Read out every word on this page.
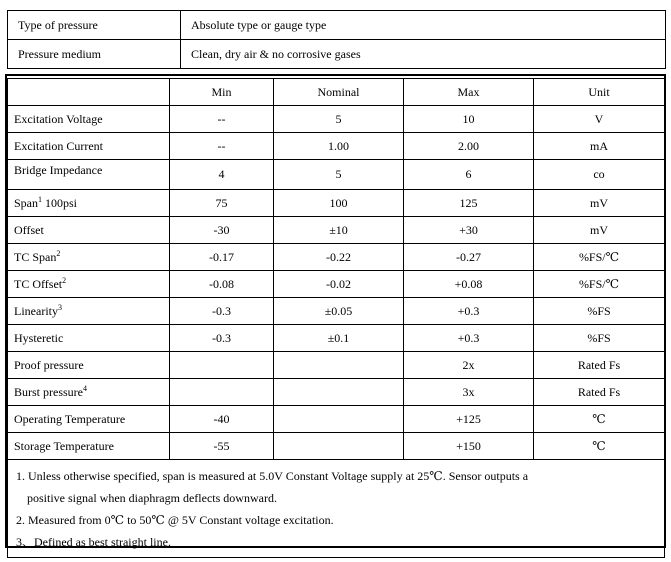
Type of pressure	Absolute type or gauge type
Pressure medium	Clean, dry air & no corrosive gases
	Min	Nominal	Max	Unit
Excitation Voltage	--	5	10	V
Excitation Current	--	1.00	2.00	mA
Bridge Impedance	4	5	6	co
Span$^1$ 100psi	75	100	125	mV
Offset	-30	±10	+30	mV
TC Span$^2$	-0.17	-0.22	-0.27	%FS/℃
TC Offset$^2$	-0.08	-0.02	+0.08	%FS/℃
Linearity$^3$	-0.3	±0.05	+0.3	%FS
Hysteretic	-0.3	±0.1	+0.3	%FS
Proof pressure			2x	Rated Fs
Burst pressure$^4$			3x	Rated Fs
Operating Temperature	-40		+125	℃
Storage Temperature	-55		+150	℃

1. Unless otherwise specified, span is measured at 5.0V Constant Voltage supply at 25℃. Sensor outputs a
positive signal when diaphragm deflects downward.
2. Measured from 0℃ to 50℃ @ 5V Constant voltage excitation.
3、Defined as best straight line.				
